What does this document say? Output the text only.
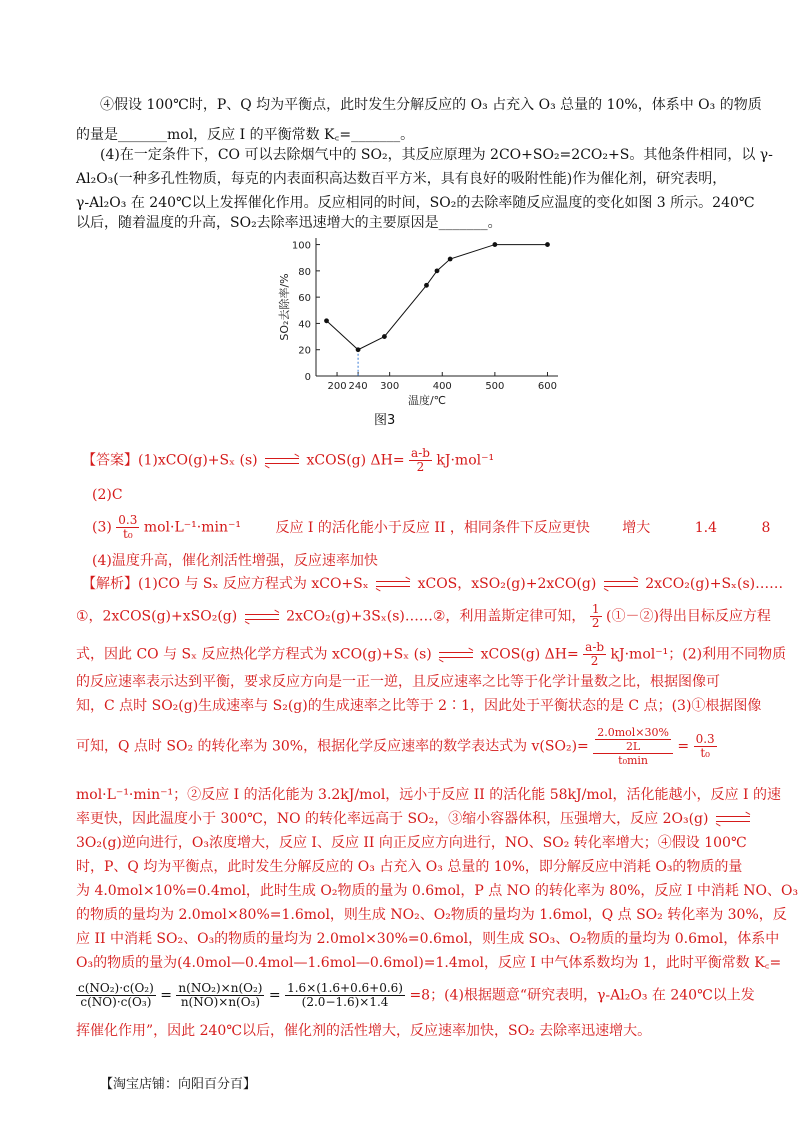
④假设 100℃时，P、Q 均为平衡点，此时发生分解反应的 O₃ 占充入 O₃ 总量的 10%，体系中 O₃ 的物质
的量是_______mol，反应 I 的平衡常数 K꜀=_______。
(4)在一定条件下，CO 可以去除烟气中的 SO₂，其反应原理为 2CO+SO₂=2CO₂+S。其他条件相同，以 γ-
Al₂O₃(一种多孔性物质，每克的内表面积高达数百平方米，具有良好的吸附性能)作为催化剂，研究表明，
γ-Al₂O₃ 在 240℃以上发挥催化作用。反应相同的时间，SO₂的去除率随反应温度的变化如图 3 所示。240℃
以后，随着温度的升高，SO₂去除率迅速增大的主要原因是_______。
温度/℃
SO₂去除率/%
0
20
40
60
80
100
200 240 300	400	500	600
图3
【答案】(1)xCO(g)+Sₓ (s)	xCOS(g) $\Delta H= \frac{a-b}{2} kJ\cdot mol^{-1}$
(2)C
$(3) \frac{0.3}{\text{t₀}} mol\cdot L^{-1}\cdot\min^{-1}$ 反应 I 的活化能小于反应 II ，相同条件下反应更快 增大	1.4	8
(4)温度升高，催化剂活性增强，反应速率加快
【解析】(1)CO 与 Sₓ 反应方程式为 xCO+Sₓ	xCOS，xSO₂(g)+2xCO(g)	2xCO₂(g)+Sₓ(s)……
①，2xCOS(g)+xSO₂(g)	2xCO₂(g)+3Sₓ(s)……②，利用盖斯定律可知， $\frac{1}{2}$ (①－②)得出目标反应方程
式，因此 CO 与 Sₓ 反应热化学方程式为 xCO(g)+Sₓ (s)	xCOS(g) $\Delta H= \frac{a-b}{2} kJ\cdot mol^{-1}$；(2)利用不同物质
的反应速率表示达到平衡，要求反应方向是一正一逆，且反应速率之比等于化学计量数之比，根据图像可
知，C 点时 SO₂(g)生成速率与 S₂(g)的生成速率之比等于 2∶1，因此处于平衡状态的是 C 点；(3)①根据图像
可知，Q 点时 SO₂ 的转化率为 30%，根据化学反应速率的数学表达式为 $v(SO_2)= \frac{\frac{\text{2.0mol×30\%}}{2L}}{\text{t₀min}} = \frac{0.3}{\text{t₀}}$
mol·L⁻¹·min⁻¹；②反应 I 的活化能为 3.2kJ/mol，远小于反应 II 的活化能 58kJ/mol，活化能越小，反应 I 的速
率更快，因此温度小于 300℃，NO 的转化率远高于 SO₂，③缩小容器体积，压强增大，反应 2O₃(g)
3O₂(g)逆向进行，O₃浓度增大，反应 I、反应 II 向正反应方向进行，NO、SO₂ 转化率增大；④假设 100℃
时，P、Q 均为平衡点，此时发生分解反应的 O₃ 占充入 O₃ 总量的 10%，即分解反应中消耗 O₃的物质的量
为 4.0mol×10%=0.4mol，此时生成 O₂物质的量为 0.6mol，P 点 NO 的转化率为 80%，反应 I 中消耗 NO、O₃
的物质的量均为 2.0mol×80%=1.6mol，则生成 NO₂、O₂物质的量均为 1.6mol，Q 点 SO₂ 转化率为 30%，反
应 II 中消耗 SO₂、O₃的物质的量均为 2.0mol×30%=0.6mol，则生成 SO₃、O₂物质的量均为 0.6mol，体系中
O₃的物质的量为(4.0mol—0.4mol—1.6mol—0.6mol)=1.4mol，反应 I 中气体系数均为 1，此时平衡常数 K꜀=
$\frac{\text{c(NO₂)·c(O₂)}}{\text{c(NO)·c(O₃)}} = \frac{\text{n(NO₂)×n(O₂)}}{\text{n(NO)×n(O₃)}} = \frac{1.6\times(1.6+0.6+0.6)}{(2.0-1.6)\times 1.4} =8$；(4)根据题意“研究表明，γ-Al₂O₃ 在 240℃以上发
挥催化作用”，因此 240℃以后，催化剂的活性增大，反应速率加快，SO₂ 去除率迅速增大。
【淘宝店铺：向阳百分百】
